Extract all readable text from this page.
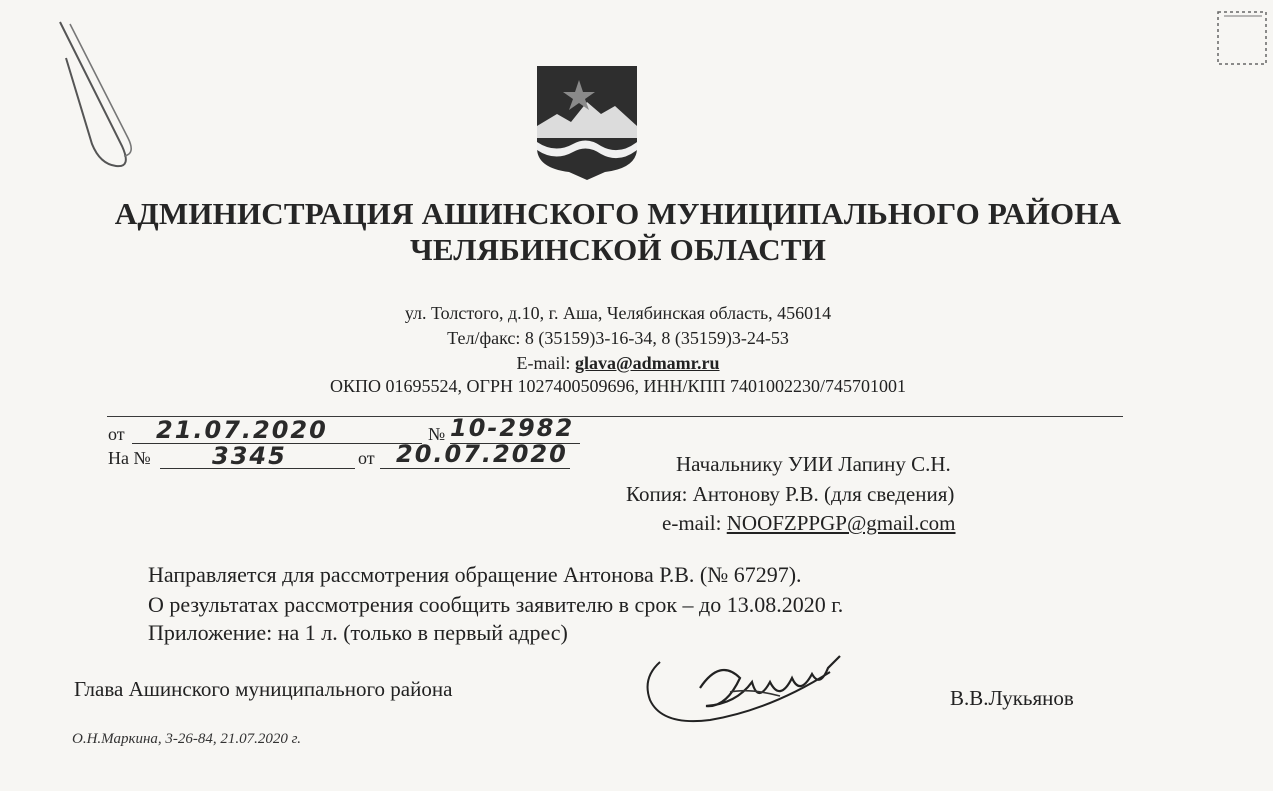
АДМИНИСТРАЦИЯ АШИНСКОГО МУНИЦИПАЛЬНОГО РАЙОНА
ЧЕЛЯБИНСКОЙ ОБЛАСТИ
ул. Толстого, д.10, г. Аша, Челябинская область, 456014
Тел/факс: 8 (35159)3-16-34, 8 (35159)3-24-53
E-mail: glava@admamr.ru
ОКПО 01695524, ОГРН 1027400509696, ИНН/КПП 7401002230/745701001
от 21.07.2020	№ 10-2982
На №	3345	от 20.07.2020	Начальнику УИИ Лапину С.Н.
Копия: Антонову Р.В. (для сведения)
e-mail: NOOFZPPGP@gmail.com
Направляется для рассмотрения обращение Антонова Р.В. (№ 67297).
О результатах рассмотрения сообщить заявителю в срок – до 13.08.2020 г.
Приложение: на 1 л. (только в первый адрес)
Глава Ашинского муниципального района	В.В.Лукьянов
О.Н.Маркина, 3-26-84, 21.07.2020 г.
